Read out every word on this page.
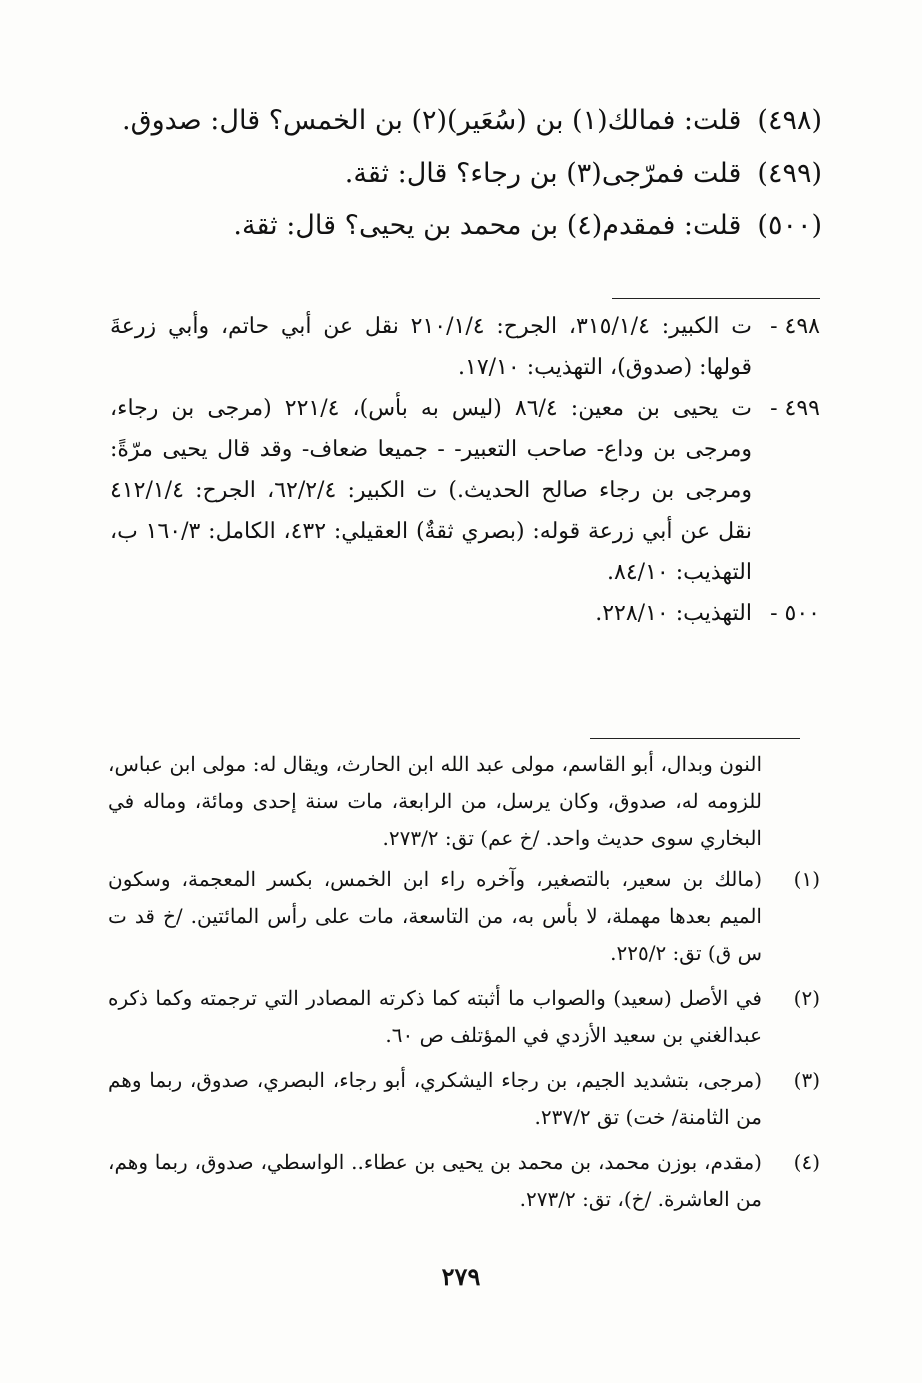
(٤٩٨)قلت: فمالك(١) بن (سُعَير)(٢) بن الخمس؟ قال: صدوق.
(٤٩٩)قلت فمرّجى(٣) بن رجاء؟ قال: ثقة.
(٥٠٠)قلت: فمقدم(٤) بن محمد بن يحيى؟ قال: ثقة.
٤٩٨ -
ت الكبير: ٣١٥/١/٤، الجرح: ٢١٠/١/٤ نقل عن أبي حاتم، وأبي زرعةَ قولها: (صدوق)، التهذيب: ١٧/١٠.
٤٩٩ -
ت يحيى بن معين: ٨٦/٤ (ليس به بأس)، ٢٢١/٤ (مرجى بن رجاء، ومرجى بن وداع- صاحب التعبير- - جميعا ضعاف- وقد قال يحيى مرّةً: ومرجى بن رجاء صالح الحديث.) ت الكبير: ٦٢/٢/٤، الجرح: ٤١٢/١/٤ نقل عن أبي زرعة قوله: (بصري ثقةٌ) العقيلي: ٤٣٢، الكامل: ١٦٠/٣ ب، التهذيب: ٨٤/١٠.
٥٠٠ -
التهذيب: ٢٢٨/١٠.
النون وبدال، أبو القاسم، مولى عبد الله ابن الحارث، ويقال له: مولى ابن عباس، للزومه له، صدوق، وكان يرسل، من الرابعة، مات سنة إحدى ومائة، وماله في البخاري سوى حديث واحد. /خ عم) تق: ٢٧٣/٢.
(١)
(مالك بن سعير، بالتصغير، وآخره راء ابن الخمس، بكسر المعجمة، وسكون الميم بعدها مهملة، لا بأس به، من التاسعة، مات على رأس المائتين. /خ قد ت س ق) تق: ٢٢٥/٢.
(٢)
في الأصل (سعيد) والصواب ما أثبته كما ذكرته المصادر التي ترجمته وكما ذكره عبدالغني بن سعيد الأزدي في المؤتلف ص ٦٠.
(٣)
(مرجى، بتشديد الجيم، بن رجاء اليشكري، أبو رجاء، البصري، صدوق، ربما وهم من الثامنة/ خت) تق ٢٣٧/٢.
(٤)
(مقدم، بوزن محمد، بن محمد بن يحيى بن عطاء.. الواسطي، صدوق، ربما وهم، من العاشرة. /خ)، تق: ٢٧٣/٢.
٢٧٩
